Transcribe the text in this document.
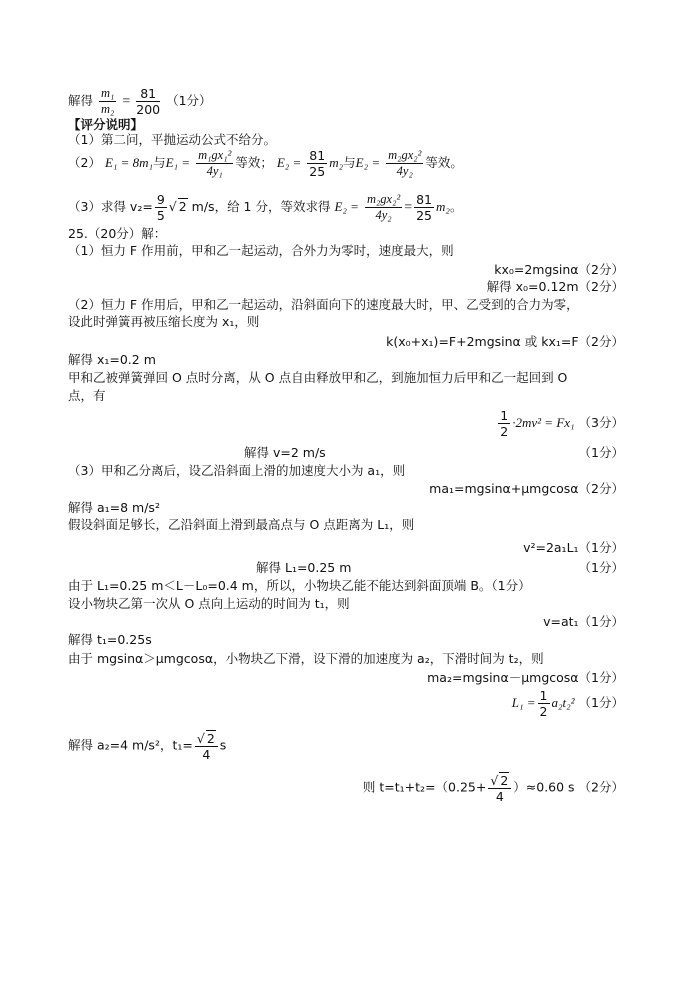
解得 $\frac{\text{m₁}}{\text{m₂}} = \frac{81}{200} (1$分）
【评分说明】
（1）第二问，平抛运动公式不给分。
（2） E₁ = 8m₁与$E_1 = \frac{\text{m₁gx₁²}}{\text{4y₁}}$ 等效； $E_2 = \frac{81}{25} m_2$与$E_2 = \frac{\text{m₂gx₂²}}{\text{4y₂}}$ 等效。
（3）求得 $v_2= \frac{9}{5}$ √ 2 m/s，给 1 分，等效求得 $E_2 = \frac{\text{m₂gx₂²}}{\text{4y₂}} = \frac{81}{25} m_2$。
25.（20分）解：
（1）恒力 F 作用前，甲和乙一起运动，合外力为零时，速度最大，则
kx₀=2mgsinα（2分）
解得 x₀=0.12m（2分）
（2）恒力 F 作用后，甲和乙一起运动，沿斜面向下的速度最大时，甲、乙受到的合力为零，
设此时弹簧再被压缩长度为 x₁，则
k(x₀+x₁)=F+2mgsinα 或 kx₁=F（2分）
解得 x₁=0.2 m
甲和乙被弹簧弹回 O 点时分离，从 O 点自由释放甲和乙，到施加恒力后甲和乙一起回到 O
点，有
$\frac{1}{2} \cdot 2mv^2 = Fx_1$ （3分）
解得 v=2 m/s	（1分）
（3）甲和乙分离后，设乙沿斜面上滑的加速度大小为 a₁，则
ma₁=mgsinα+μmgcosα（2分）
解得 a₁=8 m/s²
假设斜面足够长，乙沿斜面上滑到最高点与 O 点距离为 L₁，则
v²=2a₁L₁（1分）
解得 L₁=0.25 m	（1分）
由于 L₁=0.25 m＜L－L₀=0.4 m，所以，小物块乙能不能达到斜面顶端 B。（1分）
设小物块乙第一次从 O 点向上运动的时间为 t₁，则
v=at₁（1分）
解得 t₁=0.25s
由于 mgsinα＞μmgcosα，小物块乙下滑，设下滑的加速度为 a₂，下滑时间为 t₂，则
ma₂=mgsinα－μmgcosα（1分）
$L_1 = \frac{1}{2} a_2t_2^2$ （1分）
解得 a₂=4 m/s²，$t_1= \frac{√ 2}{4}$ s
则 $t=t_1+t_2=(0.25+ \frac{√ 2}{4} )\approx 0.60$ s （2分）
